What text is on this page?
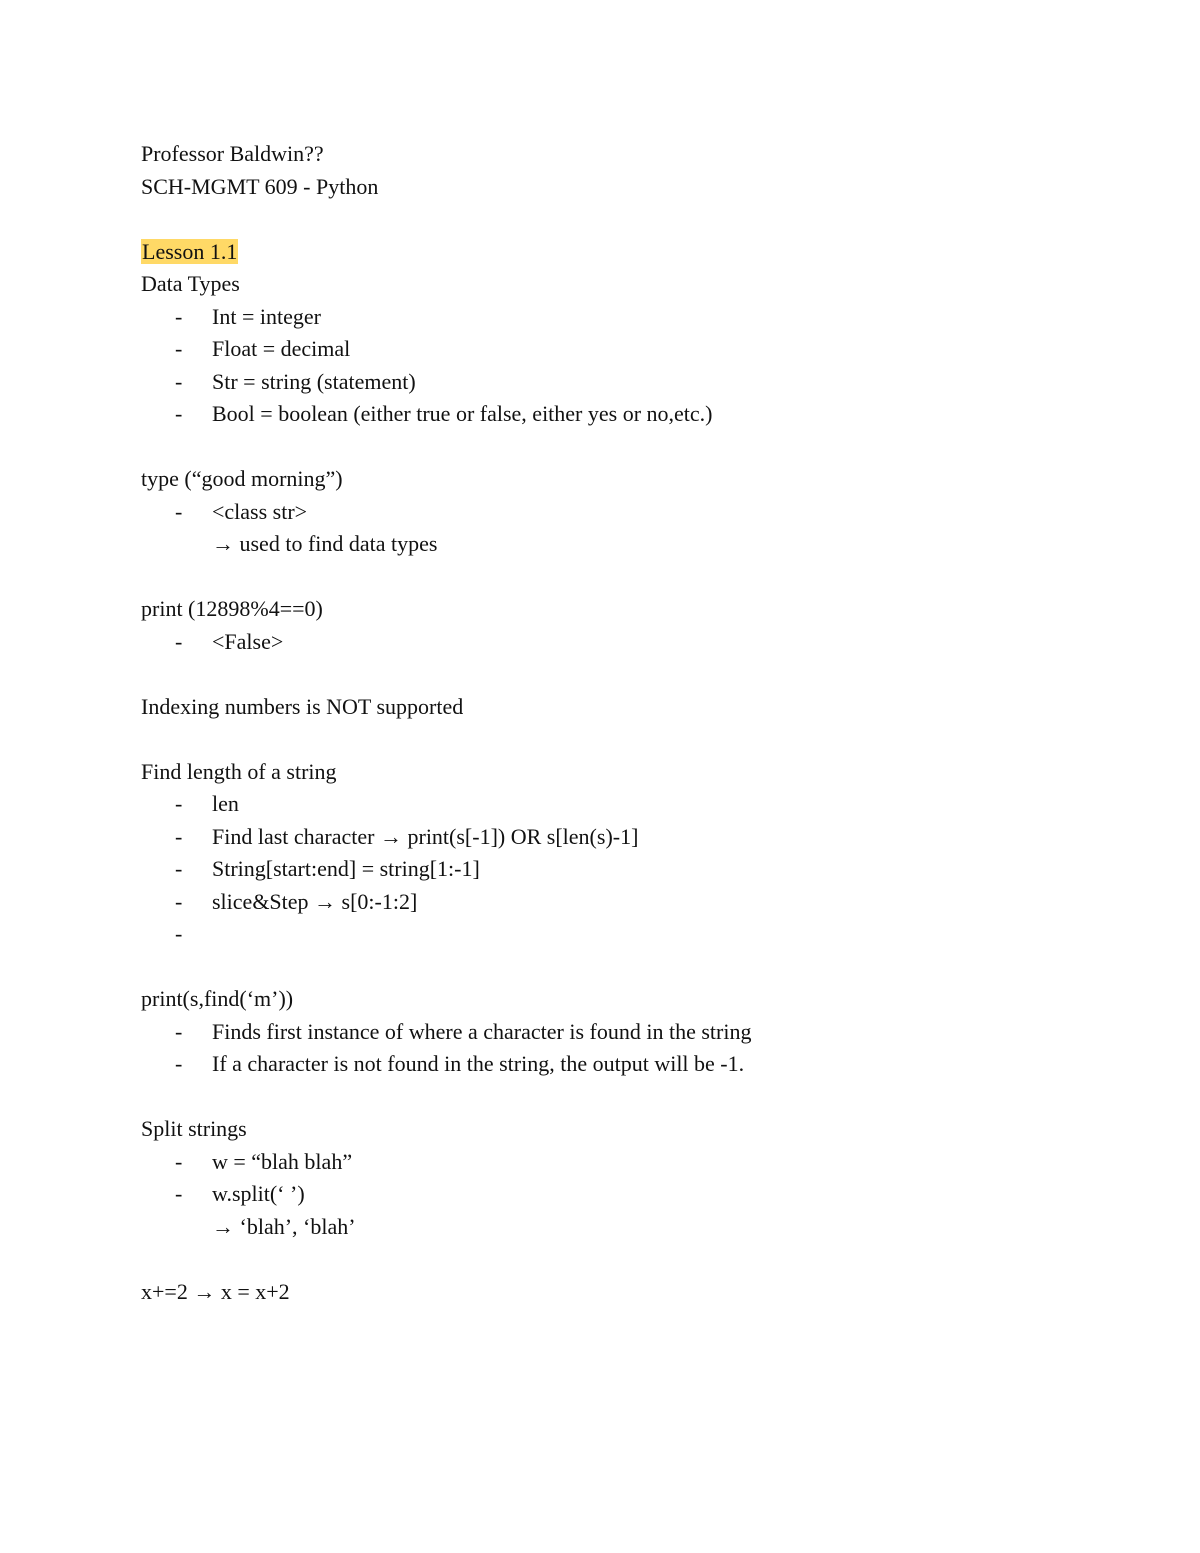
Professor Baldwin??
SCH-MGMT 609 - Python
Lesson 1.1
Data Types
- Int = integer
- Float = decimal
- Str = string (statement)
- Bool = boolean (either true or false, either yes or no,etc.)
type (“good morning”)
- <class str>
→ used to find data types
print (12898%4==0)
- <False>
Indexing numbers is NOT supported
Find length of a string
- len
- Find last character → print(s[-1]) OR s[len(s)-1]
- String[start:end] = string[1:-1]
- slice&Step → s[0:-1:2]
-
print(s,find(‘m’))
- Finds first instance of where a character is found in the string
- If a character is not found in the string, the output will be -1.
Split strings
- w = “blah blah”
- w.split(‘ ’)
→ ‘blah’, ‘blah’
x+=2 → x = x+2
